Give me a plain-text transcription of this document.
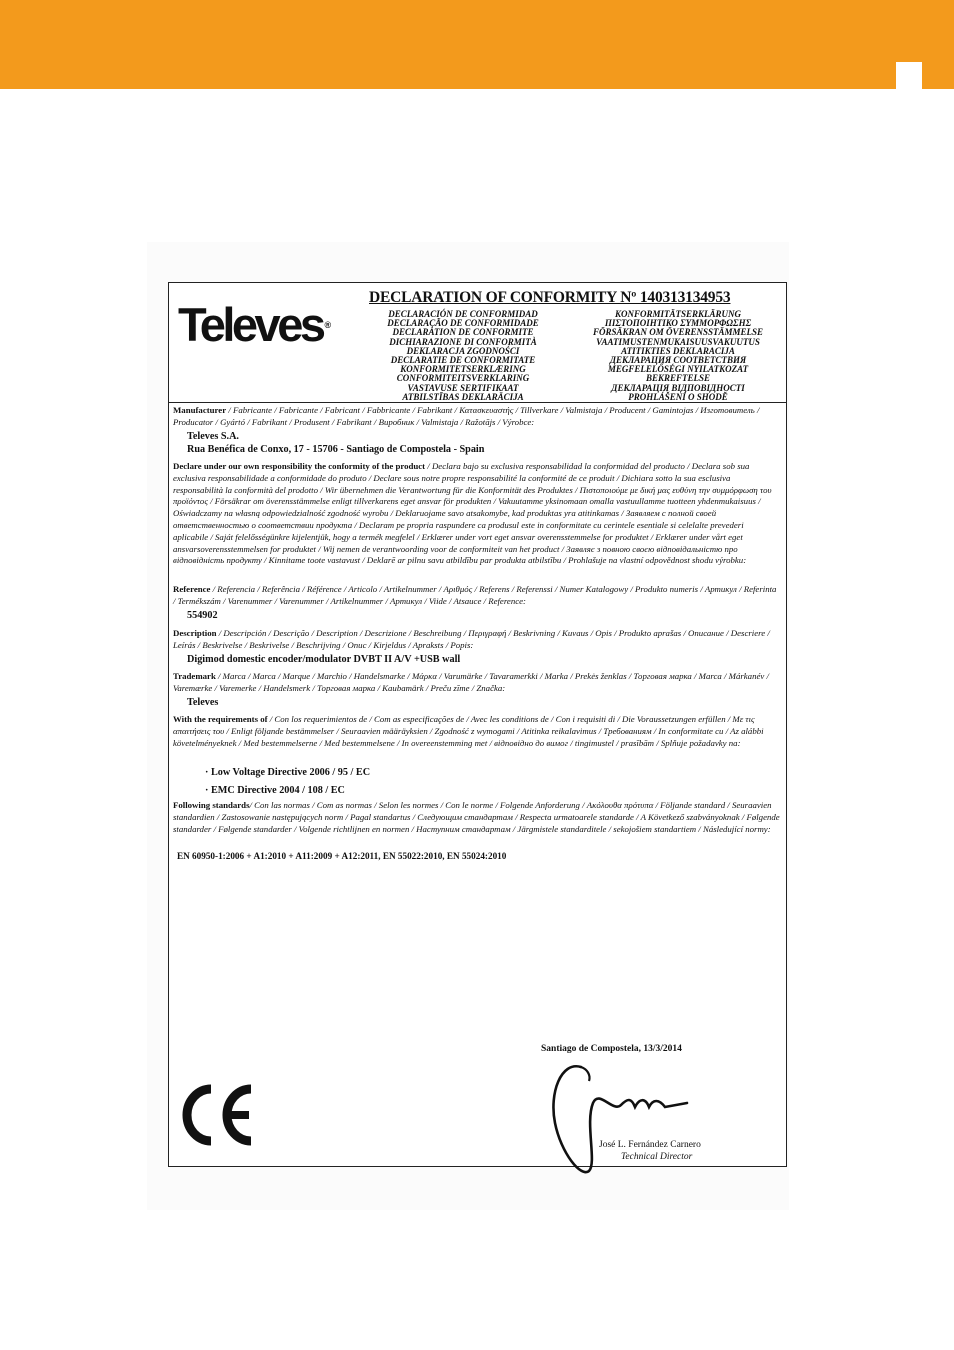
Televes ®
DECLARATION OF CONFORMITY Nº 140313134953
DECLARACIÓN DE CONFORMIDAD
DECLARAÇÃO DE CONFORMIDADE
DECLARATION DE CONFORMITE
DICHIARAZIONE DI CONFORMITÀ
DEKLARACJA ZGODNOŚCI
DECLARATIE DE CONFORMITATE
KONFORMITETSERKLÆRING
CONFORMITEITSVERKLARING
VASTAVUSE SERTIFIKAAT
ATBILSTĪBAS DEKLARĀCIJA
KONFORMITÄTSERKLÄRUNG
ΠΙΣΤΟΠΟΙΗΤΙΚΟ ΣΥΜΜΟΡΦΩΣΗΣ
FÖRSÄKRAN OM ÖVERENSSTÄMMELSE
VAATIMUSTENMUKAISUUSVAKUUTUS
ATITIKTIES DEKLARACIJA
ДЕКЛАРАЦИЯ СООТВЕТСТВИЯ
MEGFELELŐSÉGI NYILATKOZAT
BEKREFTELSE
ДЕКЛАРАЦІЯ ВІДПОВІДНОСТІ
PROHLÁŠENÍ O SHODĚ
Manufacturer / Fabricante / Fabricante / Fabricant / Fabbricante / Fabrikant / Κατασκευαστής / Tillverkare / Valmistaja / Producent / Gamintojas / Изготовитель / Producator / Gyártó / Fabrikant / Produsent / Fabrikant / Виробник / Valmistaja / Ražotājs / Výrobce:
Televes S.A.
Rua Benéfica de Conxo, 17 - 15706 - Santiago de Compostela - Spain
Declare under our own responsibility the conformity of the product / Declara bajo su exclusiva responsabilidad la conformidad del producto / Declara sob sua exclusiva responsabilidade a conformidade do produto / Declare sous notre propre responsabilité la conformité de ce produit / Dichiara sotto la sua esclusiva responsabilità la conformità del prodotto / Wir übernehmen die Verantwortung für die Konformität des Produktes / Πιστοποιούμε με δική μας ευθύνη την συμμόρφωση του προϊόντος / Försäkrar om överensstämmelse enligt tillverkarens eget ansvar för produkten / Vakuutamme yksinomaan omalla vastuullamme tuotteen yhdenmukaisuus / Oświadczamy na własną odpowiedzialność zgodność wyrobu / Deklaruojame savo atsakomybe, kad produktas yra atitinkamas / Заявляем с полной своей ответственностью о соответствии продукта / Declaram pe propria raspundere ca produsul este in conformitate cu cerintele esentiale si celelalte prevederi aplicabile / Saját felelősségünkre kijelentjük, hogy a termék megfelel / Erklærer under vort eget ansvar overensstemmelse for produktet / Erklærer under vårt eget ansvarsoverensstemmelsen for produktet / Wij nemen de verantwoording voor de conformiteit van het product / Заявляє з повною своєю відповідальністю про відповідність продукту / Kinnitame toote vastavust / Deklarē ar pilnu savu atbildību par produkta atbilstību / Prohlašuje na vlastní odpovědnost shodu výrobku:
Reference / Referencia / Referência / Référence / Articolo / Artikelnummer / Αριθμός / Referens / Referenssi / Numer Katalogowy / Produkto numeris / Артикул / Referinta / Termékszám / Varenummer / Varenummer / Artikelnummer / Артикул / Viide / Atsauce / Reference:
554902
Description / Descripción / Descrição / Description / Descrizione / Beschreibung / Περιγραφή / Beskrivning / Kuvaus / Opis / Produkto aprašas / Описание / Descriere / Leírás / Beskrivelse / Beskrivelse / Beschrijving / Опис / Kirjeldus / Apraksts / Popis:
Digimod domestic encoder/modulator DVBT II A/V +USB wall
Trademark / Marca / Marca / Marque / Marchio / Handelsmarke / Μάρκα / Varumärke / Tavaramerkki / Marka / Prekės ženklas / Торговая марка / Marca / Márkanév / Varemærke / Varemerke / Handelsmerk / Торговая марка / Kaubamärk / Preču zīme / Značka:
Televes
With the requirements of / Con los requerimientos de / Com as especificações de / Avec les conditions de / Con i requisiti di / Die Voraussetzungen erfüllen / Με τις απαιτήσεις του / Enligt följande bestämmelser / Seuraavien määräyksien / Zgodność z wymogami / Atitinka reikalavimus / Требованиям / In conformitate cu / Az alábbi követelményeknek / Med bestemmelserne / Med bestemmelsene / In overeenstemming met / відповідно до вимог / tingimustel / prasībām / Splňuje požadavky na:
· Low Voltage Directive 2006 / 95 / EC
· EMC Directive 2004 / 108 / EC
Following standards/ Con las normas / Com as normas / Selon les normes / Con le norme / Folgende Anforderung / Ακόλουθα πρότυπα / Följande standard / Seuraavien standardien / Zastosowanie następujących norm / Pagal standartus / Следующим стандартам / Respecta urmatoarele standarde / A Következő szabványoknak / Følgende standarder / Følgende standarder / Volgende richtlijnen en normen / Наступним стандартам / Järgmistele standarditele / sekojošiem standartiem / Následující normy:
EN 60950-1:2006 + A1:2010 + A11:2009 + A12:2011, EN 55022:2010, EN 55024:2010
Santiago de Compostela, 13/3/2014
José L. Fernández Carnero
Technical Director
